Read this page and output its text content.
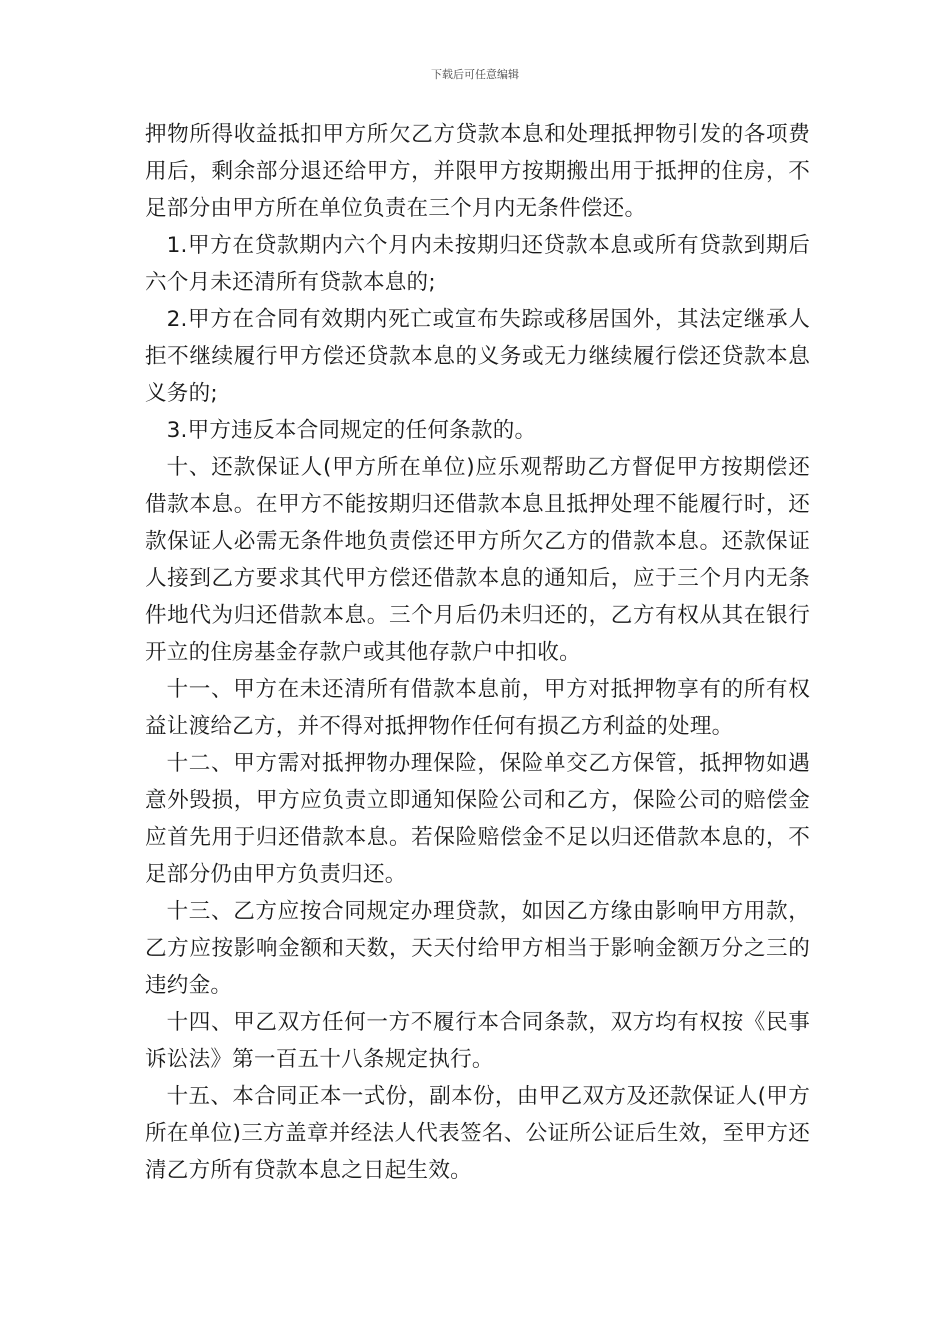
下载后可任意编辑

押物所得收益抵扣甲方所欠乙方贷款本息和处理抵押物引发的各项费用后，剩余部分退还给甲方，并限甲方按期搬出用于抵押的住房，不足部分由甲方所在单位负责在三个月内无条件偿还。

1.甲方在贷款期内六个月内未按期归还贷款本息或所有贷款到期后六个月未还清所有贷款本息的;

2.甲方在合同有效期内死亡或宣布失踪或移居国外，其法定继承人拒不继续履行甲方偿还贷款本息的义务或无力继续履行偿还贷款本息义务的;

3.甲方违反本合同规定的任何条款的。

十、还款保证人(甲方所在单位)应乐观帮助乙方督促甲方按期偿还借款本息。在甲方不能按期归还借款本息且抵押处理不能履行时，还款保证人必需无条件地负责偿还甲方所欠乙方的借款本息。还款保证人接到乙方要求其代甲方偿还借款本息的通知后，应于三个月内无条件地代为归还借款本息。三个月后仍未归还的，乙方有权从其在银行开立的住房基金存款户或其他存款户中扣收。

十一、甲方在未还清所有借款本息前，甲方对抵押物享有的所有权益让渡给乙方，并不得对抵押物作任何有损乙方利益的处理。

十二、甲方需对抵押物办理保险，保险单交乙方保管，抵押物如遇意外毁损，甲方应负责立即通知保险公司和乙方，保险公司的赔偿金应首先用于归还借款本息。若保险赔偿金不足以归还借款本息的，不足部分仍由甲方负责归还。

十三、乙方应按合同规定办理贷款，如因乙方缘由影响甲方用款，乙方应按影响金额和天数，天天付给甲方相当于影响金额万分之三的违约金。

十四、甲乙双方任何一方不履行本合同条款，双方均有权按《民事诉讼法》第一百五十八条规定执行。

十五、本合同正本一式份，副本份，由甲乙双方及还款保证人(甲方所在单位)三方盖章并经法人代表签名、公证所公证后生效，至甲方还清乙方所有贷款本息之日起生效。
